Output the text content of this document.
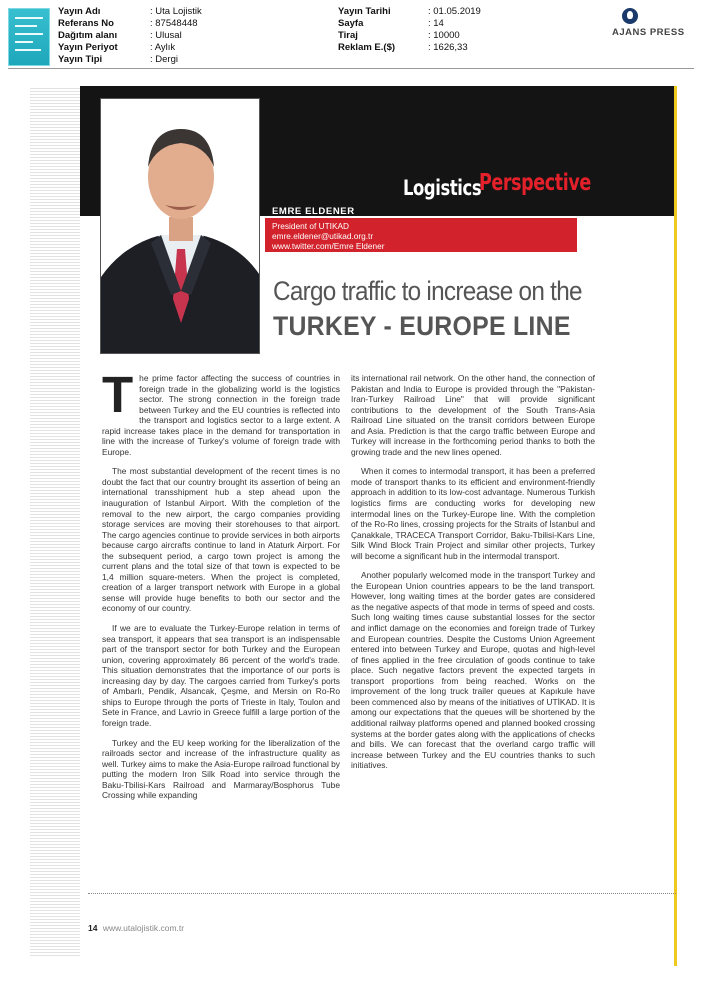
Yayın Adı	: Uta Lojistik
Referans No	: 87548448
Dağıtım alanı	: Ulusal
Yayın Periyot	: Aylık
Yayın Tipi	: Dergi
Yayın Tarihi	: 01.05.2019
Sayfa	: 14
Tiraj	: 10000
Reklam E.($)	: 1626,33
AJANS PRESS
Logistics
Perspective
EMRE ELDENER
President of UTIKAD
emre.eldener@utikad.org.tr
www.twitter.com/Emre Eldener
Cargo traffic to increase on the
TURKEY - EUROPE LINE

The prime factor affecting the success of countries in foreign trade in the globalizing world is the logistics sector. The strong connection in the foreign trade between Turkey and the EU countries is reflected into the transport and logistics sector to a large extent. A rapid increase takes place in the demand for transportation in line with the increase of Turkey's volume of foreign trade with Europe.

The most substantial development of the recent times is no doubt the fact that our country brought its assertion of being an international transshipment hub a step ahead upon the inauguration of Istanbul Airport. With the completion of the removal to the new airport, the cargo companies providing storage services are moving their storehouses to that airport. The cargo agencies continue to provide services in both airports because cargo aircrafts continue to land in Ataturk Airport. For the subsequent period, a cargo town project is among the current plans and the total size of that town is expected to be 1,4 million square-meters. When the project is completed, creation of a larger transport network with Europe in a global sense will provide huge benefits to both our sector and the economy of our country.

If we are to evaluate the Turkey-Europe relation in terms of sea transport, it appears that sea transport is an indispensable part of the transport sector for both Turkey and the European union, covering approximately 86 percent of the world's trade. This situation demonstrates that the importance of our ports is increasing day by day. The cargoes carried from Turkey's ports of Ambarlı, Pendik, Alsancak, Çeşme, and Mersin on Ro-Ro ships to Europe through the ports of Trieste in Italy, Toulon and Sete in France, and Lavrio in Greece fulfill a large portion of the foreign trade.

Turkey and the EU keep working for the liberalization of the railroads sector and increase of the infrastructure quality as well. Turkey aims to make the Asia-Europe railroad functional by putting the modern Iron Silk Road into service through the Baku-Tbilisi-Kars Railroad and Marmaray/Bosphorus Tube Crossing while expanding

its international rail network. On the other hand, the connection of Pakistan and India to Europe is provided through the "Pakistan-Iran-Turkey Railroad Line" that will provide significant contributions to the development of the South Trans-Asia Railroad Line situated on the transit corridors between Europe and Asia. Prediction is that the cargo traffic between Europe and Turkey will increase in the forthcoming period thanks to both the growing trade and the new lines opened.

When it comes to intermodal transport, it has been a preferred mode of transport thanks to its efficient and environment-friendly approach in addition to its low-cost advantage. Numerous Turkish logistics firms are conducting works for developing new intermodal lines on the Turkey-Europe line. With the completion of the Ro-Ro lines, crossing projects for the Straits of İstanbul and Çanakkale, TRACECA Transport Corridor, Baku-Tbilisi-Kars Line, Silk Wind Block Train Project and similar other projects, Turkey will become a significant hub in the intermodal transport.

Another popularly welcomed mode in the transport Turkey and the European Union countries appears to be the land transport. However, long waiting times at the border gates are considered as the negative aspects of that mode in terms of speed and costs. Such long waiting times cause substantial losses for the sector and inflict damage on the economies and foreign trade of Turkey and European countries. Despite the Customs Union Agreement entered into between Turkey and Europe, quotas and high-level of fines applied in the free circulation of goods continue to take place. Such negative factors prevent the expected targets in transport proportions from being reached. Works on the improvement of the long truck trailer queues at Kapıkule have been commenced also by means of the initiatives of UTİKAD. It is among our expectations that the queues will be shortened by the additional railway platforms opened and planned booked crossing systems at the border gates along with the applications of checks and bills. We can forecast that the overland cargo traffic will increase between Turkey and the EU countries thanks to such initiatives.

14 www.utalojistik.com.tr
